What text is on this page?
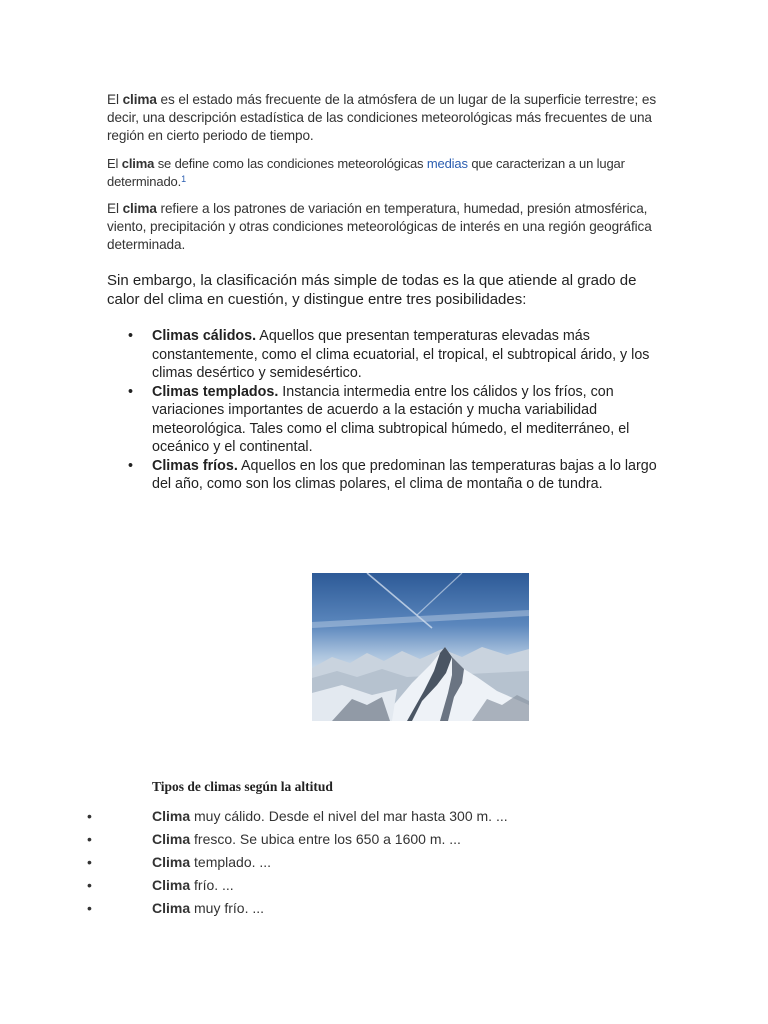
El clima es el estado más frecuente de la atmósfera de un lugar de la superficie terrestre; es decir, una descripción estadística de las condiciones meteorológicas más frecuentes de una región en cierto periodo de tiempo.
El clima se define como las condiciones meteorológicas medias que caracterizan a un lugar determinado.$^1$
El clima refiere a los patrones de variación en temperatura, humedad, presión atmosférica, viento, precipitación y otras condiciones meteorológicas de interés en una región geográfica determinada.
Sin embargo, la clasificación más simple de todas es la que atiende al grado de calor del clima en cuestión, y distingue entre tres posibilidades:
• Climas cálidos. Aquellos que presentan temperaturas elevadas más constantemente, como el clima ecuatorial, el tropical, el subtropical árido, y los climas desértico y semidesértico.
• Climas templados. Instancia intermedia entre los cálidos y los fríos, con variaciones importantes de acuerdo a la estación y mucha variabilidad meteorológica. Tales como el clima subtropical húmedo, el mediterráneo, el oceánico y el continental.
• Climas fríos. Aquellos en los que predominan las temperaturas bajas a lo largo del año, como son los climas polares, el clima de montaña o de tundra.
Tipos de climas según la altitud
•	Clima muy cálido. Desde el nivel del mar hasta 300 m. ...
•	Clima fresco. Se ubica entre los 650 a 1600 m. ...
•	Clima templado. ...
•	Clima frío. ...
•	Clima muy frío. ...
